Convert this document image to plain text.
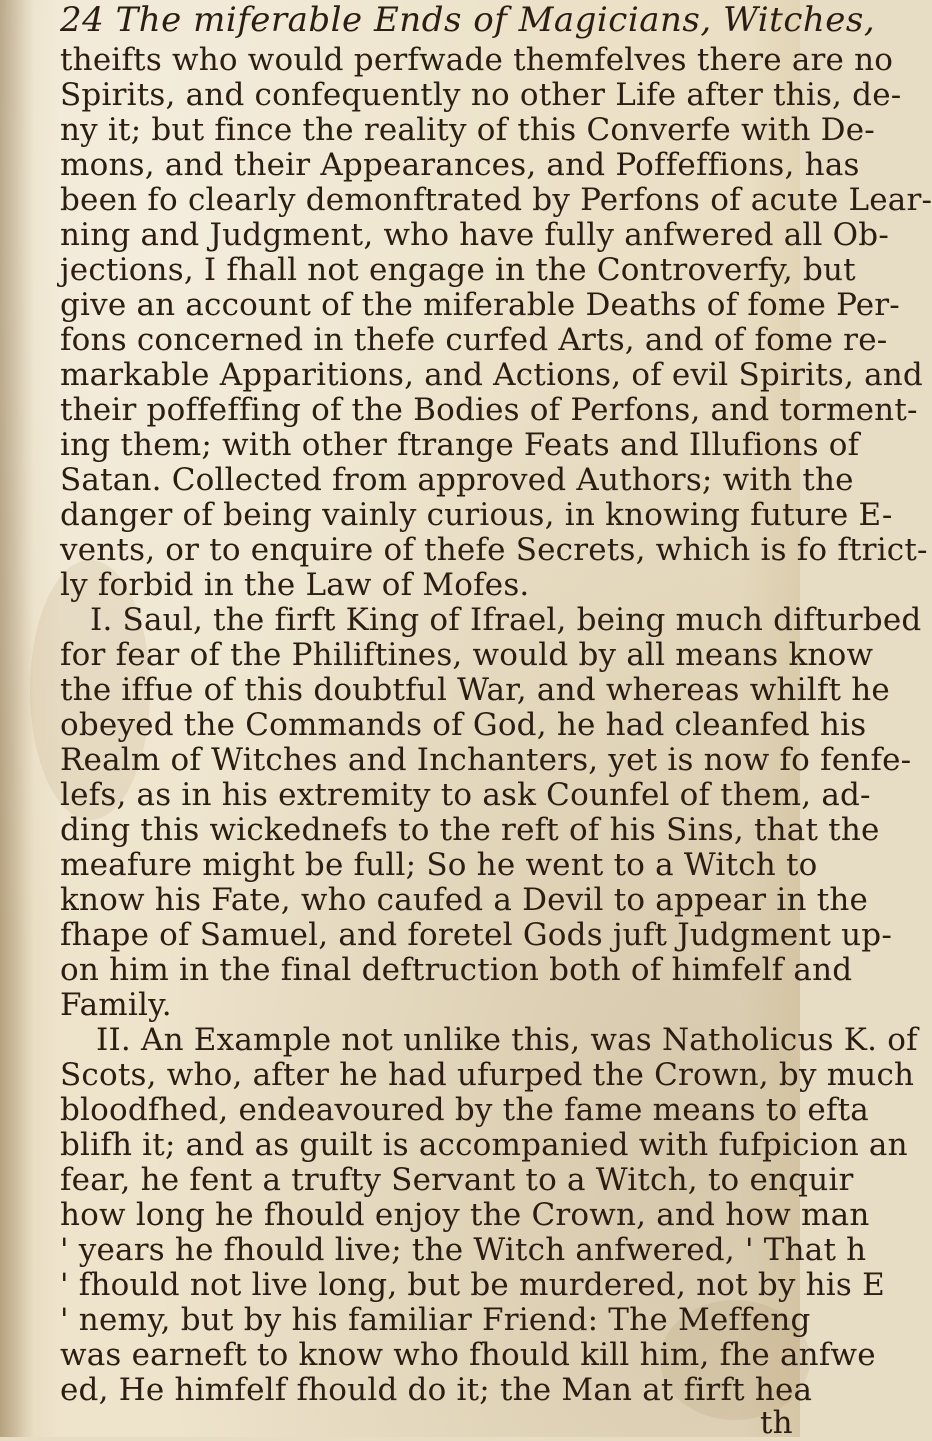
24 The miferable Ends of Magicians, Witches,
theifts who would perfwade themfelves there are no
Spirits, and confequently no other Life after this, de-
ny it; but fince the reality of this Converfe with De-
mons, and their Appearances, and Poffeffions, has
been fo clearly demonftrated by Perfons of acute Lear-
ning and Judgment, who have fully anfwered all Ob-
jections, I fhall not engage in the Controverfy, but
give an account of the miferable Deaths of fome Per-
fons concerned in thefe curfed Arts, and of fome re-
markable Apparitions, and Actions, of evil Spirits, and
their poffeffing of the Bodies of Perfons, and torment-
ing them; with other ftrange Feats and Illufions of
Satan. Collected from approved Authors; with the
danger of being vainly curious, in knowing future E-
vents, or to enquire of thefe Secrets, which is fo ftrict-
ly forbid in the Law of Mofes.
I. Saul, the firft King of Ifrael, being much difturbed
for fear of the Philiftines, would by all means know
the iffue of this doubtful War, and whereas whilft he
obeyed the Commands of God, he had cleanfed his
Realm of Witches and Inchanters, yet is now fo fenfe-
lefs, as in his extremity to ask Counfel of them, ad-
ding this wickednefs to the reft of his Sins, that the
meafure might be full; So he went to a Witch to
know his Fate, who caufed a Devil to appear in the
fhape of Samuel, and foretel Gods juft Judgment up-
on him in the final deftruction both of himfelf and
Family.
II. An Example not unlike this, was Natholicus K. of
Scots, who, after he had ufurped the Crown, by much
bloodfhed, endeavoured by the fame means to efta
blifh it; and as guilt is accompanied with fufpicion an
fear, he fent a trufty Servant to a Witch, to enquir
how long he fhould enjoy the Crown, and how man
' years he fhould live; the Witch anfwered, ' That h
' fhould not live long, but be murdered, not by his E
' nemy, but by his familiar Friend: The Meffeng
was earneft to know who fhould kill him, fhe anfwe
ed, He himfelf fhould do it; the Man at firft hea
th
